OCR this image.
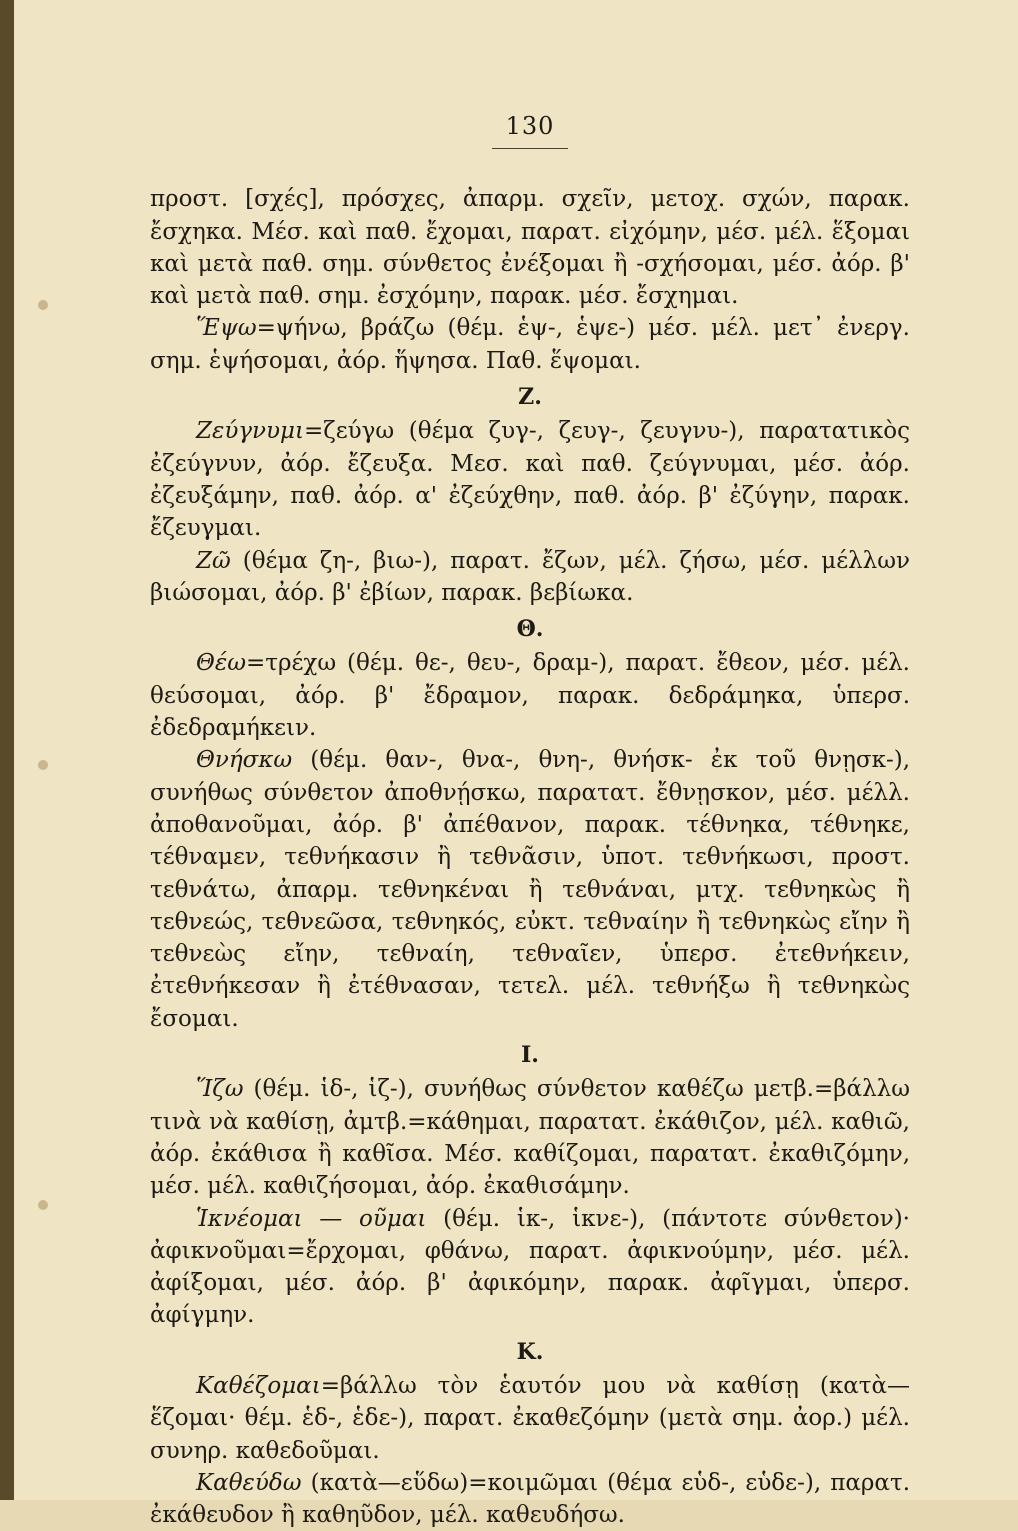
130

προστ. [σχές], πρόσχες, ἀπαρμ. σχεῖν, μετοχ. σχών, παρακ. ἔσχηκα. Μέσ. καὶ παθ. ἔχομαι, παρατ. εἰχόμην, μέσ. μέλ. ἕξομαι καὶ μετὰ παθ. σημ. σύνθετος ἐνέξομαι ἢ -σχήσομαι, μέσ. ἀόρ. β' καὶ μετὰ παθ. σημ. ἐσχόμην, παρακ. μέσ. ἔσχημαι.

Ἕψω=ψήνω, βράζω (θέμ. ἑψ-, ἑψε-) μέσ. μέλ. μετ᾽ ἐνεργ. σημ. ἑψήσομαι, ἀόρ. ἥψησα. Παθ. ἕψομαι.

Ζ.

Ζεύγνυμι=ζεύγω (θέμα ζυγ-, ζευγ-, ζευγνυ-), παρατατικὸς ἐζεύγνυν, ἀόρ. ἔζευξα. Μεσ. καὶ παθ. ζεύγνυμαι, μέσ. ἀόρ. ἐζευξάμην, παθ. ἀόρ. α' ἐζεύχθην, παθ. ἀόρ. β' ἐζύγην, παρακ. ἔζευγμαι.

Ζῶ (θέμα ζη-, βιω-), παρατ. ἔζων, μέλ. ζήσω, μέσ. μέλλων βιώσομαι, ἀόρ. β' ἐβίων, παρακ. βεβίωκα.

Θ.

Θέω=τρέχω (θέμ. θε-, θευ-, δραμ-), παρατ. ἔθεον, μέσ. μέλ. θεύσομαι, ἀόρ. β' ἔδραμον, παρακ. δεδράμηκα, ὑπερσ. ἐδεδραμήκειν.

Θνήσκω (θέμ. θαν-, θνα-, θνη-, θνήσκ- ἐκ τοῦ θνῃσκ-), συνήθως σύνθετον ἀποθνῄσκω, παρατατ. ἔθνῃσκον, μέσ. μέλλ. ἀποθανοῦμαι, ἀόρ. β' ἀπέθανον, παρακ. τέθνηκα, τέθνηκε, τέθναμεν, τεθνήκασιν ἢ τεθνᾶσιν, ὑποτ. τεθνήκωσι, προστ. τεθνάτω, ἀπαρμ. τεθνηκέναι ἢ τεθνάναι, μτχ. τεθνηκὼς ἢ τεθνεώς, τεθνεῶσα, τεθνηκός, εὐκτ. τεθναίην ἢ τεθνηκὼς εἴην ἢ τεθνεὼς εἴην, τεθναίη, τεθναῖεν, ὑπερσ. ἐτεθνήκειν, ἐτεθνήκεσαν ἢ ἐτέθνασαν, τετελ. μέλ. τεθνήξω ἢ τεθνηκὼς ἔσομαι.

Ι.

Ἵζω (θέμ. ἱδ-, ἱζ-), συνήθως σύνθετον καθέζω μετβ.=βάλλω τινὰ νὰ καθίσῃ, ἀμτβ.=κάθημαι, παρατατ. ἐκάθιζον, μέλ. καθιῶ, ἀόρ. ἐκάθισα ἢ καθῖσα. Μέσ. καθίζομαι, παρατατ. ἐκαθιζόμην, μέσ. μέλ. καθιζήσομαι, ἀόρ. ἐκαθισάμην.

Ἱκνέομαι — οῦμαι (θέμ. ἱκ-, ἱκνε-), (πάντοτε σύνθετον)· ἀφικνοῦμαι=ἔρχομαι, φθάνω, παρατ. ἀφικνούμην, μέσ. μέλ. ἀφίξομαι, μέσ. ἀόρ. β' ἀφικόμην, παρακ. ἀφῖγμαι, ὑπερσ. ἀφίγμην.

Κ.

Καθέζομαι=βάλλω τὸν ἑαυτόν μου νὰ καθίσῃ (κατὰ—ἕζομαι· θέμ. ἑδ-, ἑδε-), παρατ. ἐκαθεζόμην (μετὰ σημ. ἀορ.) μέλ. συνηρ. καθεδοῦμαι.

Καθεύδω (κατὰ—εὕδω)=κοιμῶμαι (θέμα εὑδ-, εὑδε-), παρατ. ἐκάθευδον ἢ καθηῦδον, μέλ. καθευδήσω.
